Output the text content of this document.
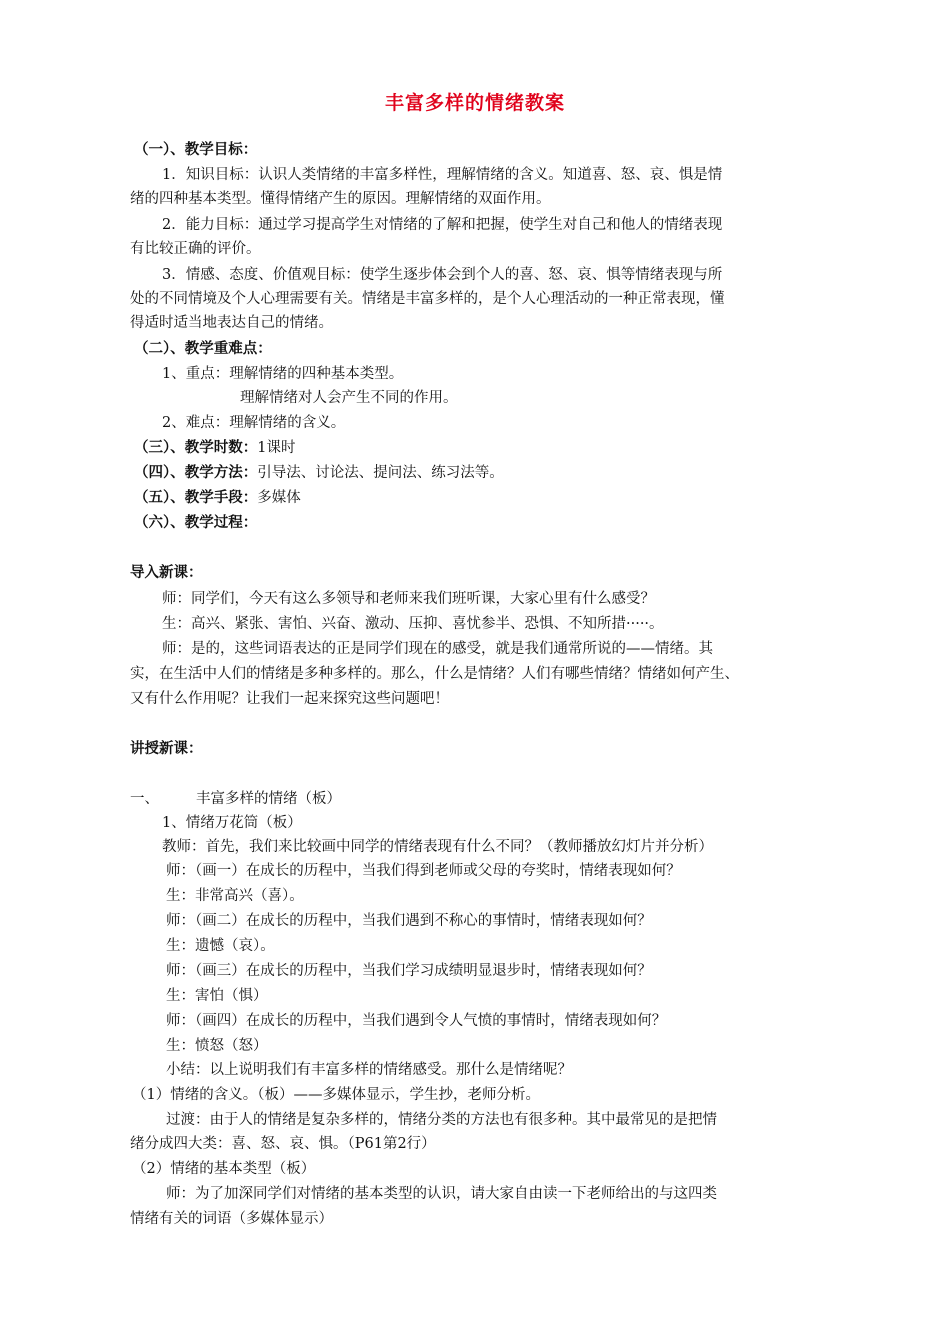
丰富多样的情绪教案
（一）、教学目标：
1．知识目标：认识人类情绪的丰富多样性，理解情绪的含义。知道喜、怒、哀、惧是情
绪的四种基本类型。懂得情绪产生的原因。理解情绪的双面作用。
2．能力目标：通过学习提高学生对情绪的了解和把握，使学生对自己和他人的情绪表现
有比较正确的评价。
3．情感、态度、价值观目标：使学生逐步体会到个人的喜、怒、哀、惧等情绪表现与所
处的不同情境及个人心理需要有关。情绪是丰富多样的，是个人心理活动的一种正常表现，懂
得适时适当地表达自己的情绪。
（二）、教学重难点：
1、重点：理解情绪的四种基本类型。
理解情绪对人会产生不同的作用。
2、难点：理解情绪的含义。
（三）、教学时数：1课时
（四）、教学方法：引导法、讨论法、提问法、练习法等。
（五）、教学手段：多媒体
（六）、教学过程：
导入新课：
师：同学们，今天有这么多领导和老师来我们班听课，大家心里有什么感受？
生：高兴、紧张、害怕、兴奋、激动、压抑、喜忧参半、恐惧、不知所措·····。
师：是的，这些词语表达的正是同学们现在的感受，就是我们通常所说的——情绪。其
实，在生活中人们的情绪是多种多样的。那么，什么是情绪？人们有哪些情绪？情绪如何产生、
又有什么作用呢？让我们一起来探究这些问题吧！
讲授新课：
一、	丰富多样的情绪（板）
1、情绪万花筒（板）
教师：首先，我们来比较画中同学的情绪表现有什么不同？（教师播放幻灯片并分析）
师：（画一）在成长的历程中，当我们得到老师或父母的夸奖时，情绪表现如何？
生：非常高兴（喜）。
师：（画二）在成长的历程中，当我们遇到不称心的事情时，情绪表现如何？
生：遗憾（哀）。
师：（画三）在成长的历程中，当我们学习成绩明显退步时，情绪表现如何？
生：害怕（惧）
师：（画四）在成长的历程中，当我们遇到令人气愤的事情时，情绪表现如何？
生：愤怒（怒）
小结：以上说明我们有丰富多样的情绪感受。那什么是情绪呢？
（1）情绪的含义。（板）——多媒体显示，学生抄，老师分析。
过渡：由于人的情绪是复杂多样的，情绪分类的方法也有很多种。其中最常见的是把情
绪分成四大类：喜、怒、哀、惧。（P61第2行）
（2）情绪的基本类型（板）
师：为了加深同学们对情绪的基本类型的认识，请大家自由读一下老师给出的与这四类
情绪有关的词语（多媒体显示）
